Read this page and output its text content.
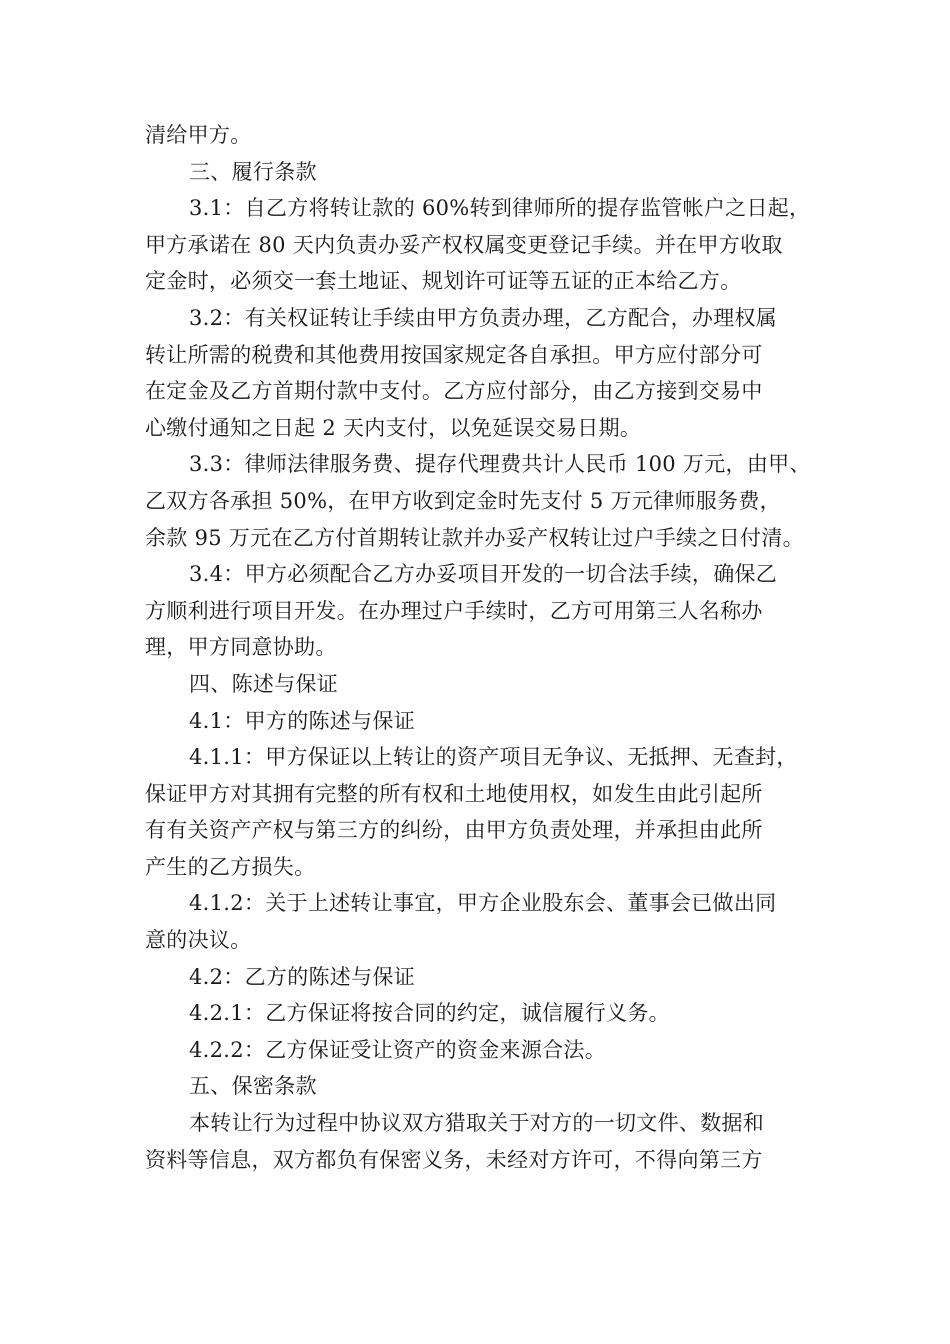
清给甲方。
三、履行条款
3.1：自乙方将转让款的 60%转到律师所的提存监管帐户之日起，
甲方承诺在 80 天内负责办妥产权权属变更登记手续。并在甲方收取
定金时，必须交一套土地证、规划许可证等五证的正本给乙方。
3.2：有关权证转让手续由甲方负责办理，乙方配合，办理权属
转让所需的税费和其他费用按国家规定各自承担。甲方应付部分可
在定金及乙方首期付款中支付。乙方应付部分，由乙方接到交易中
心缴付通知之日起 2 天内支付，以免延误交易日期。
3.3：律师法律服务费、提存代理费共计人民币 100 万元，由甲、
乙双方各承担 50%，在甲方收到定金时先支付 5 万元律师服务费，
余款 95 万元在乙方付首期转让款并办妥产权转让过户手续之日付清。
3.4：甲方必须配合乙方办妥项目开发的一切合法手续，确保乙
方顺利进行项目开发。在办理过户手续时，乙方可用第三人名称办
理，甲方同意协助。
四、陈述与保证
4.1：甲方的陈述与保证
4.1.1：甲方保证以上转让的资产项目无争议、无抵押、无查封，
保证甲方对其拥有完整的所有权和土地使用权，如发生由此引起所
有有关资产产权与第三方的纠纷，由甲方负责处理，并承担由此所
产生的乙方损失。
4.1.2：关于上述转让事宜，甲方企业股东会、董事会已做出同
意的决议。
4.2：乙方的陈述与保证
4.2.1：乙方保证将按合同的约定，诚信履行义务。
4.2.2：乙方保证受让资产的资金来源合法。
五、保密条款
本转让行为过程中协议双方猎取关于对方的一切文件、数据和
资料等信息，双方都负有保密义务，未经对方许可，不得向第三方
